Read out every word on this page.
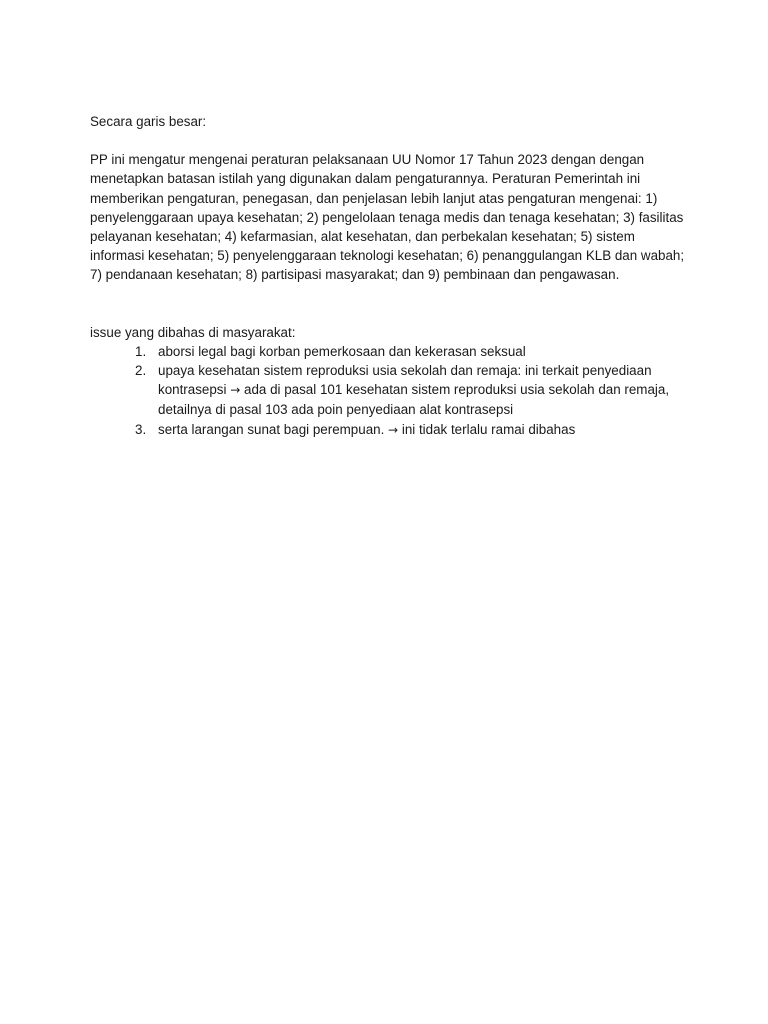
Secara garis besar:

PP ini mengatur mengenai peraturan pelaksanaan UU Nomor 17 Tahun 2023 dengan dengan menetapkan batasan istilah yang digunakan dalam pengaturannya. Peraturan Pemerintah ini memberikan pengaturan, penegasan, dan penjelasan lebih lanjut atas pengaturan mengenai: 1) penyelenggaraan upaya kesehatan; 2) pengelolaan tenaga medis dan tenaga kesehatan; 3) fasilitas pelayanan kesehatan; 4) kefarmasian, alat kesehatan, dan perbekalan kesehatan; 5) sistem informasi kesehatan; 5) penyelenggaraan teknologi kesehatan; 6) penanggulangan KLB dan wabah; 7) pendanaan kesehatan; 8) partisipasi masyarakat; dan 9) pembinaan dan pengawasan.

issue yang dibahas di masyarakat:

1. aborsi legal bagi korban pemerkosaan dan kekerasan seksual
2. upaya kesehatan sistem reproduksi usia sekolah dan remaja: ini terkait penyediaan kontrasepsi → ada di pasal 101 kesehatan sistem reproduksi usia sekolah dan remaja, detailnya di pasal 103 ada poin penyediaan alat kontrasepsi
3. serta larangan sunat bagi perempuan. → ini tidak terlalu ramai dibahas
